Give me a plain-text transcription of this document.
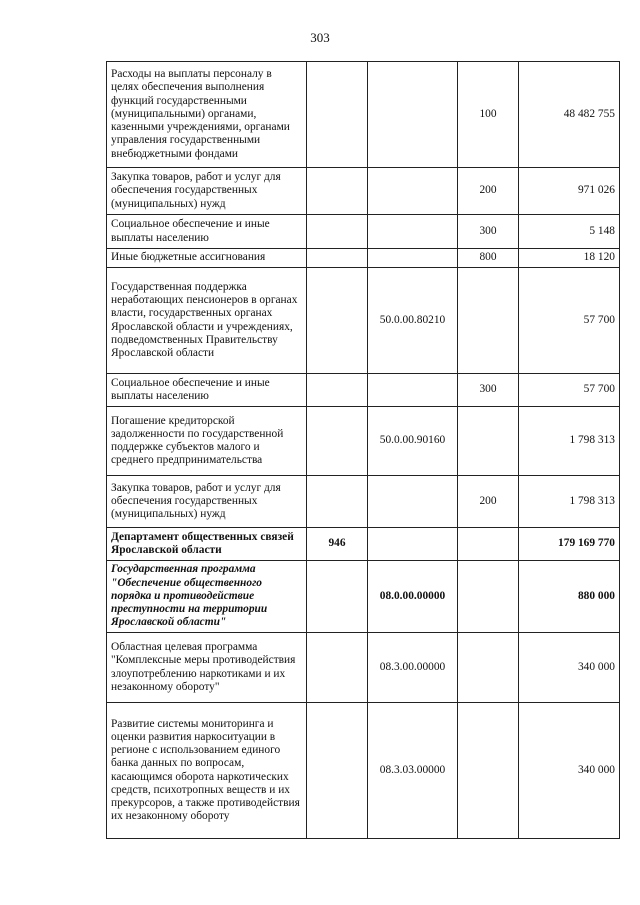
303
Расходы на выплаты персоналу в целях обеспечения выполнения функций государственными (муниципальными) органами, казенными учреждениями, органами управления государственными внебюджетными фондами			100	48 482 755
Закупка товаров, работ и услуг для обеспечения государственных (муниципальных) нужд			200	971 026
Социальное обеспечение и иные выплаты населению			300	5 148
Иные бюджетные ассигнования			800	18 120
Государственная поддержка неработающих пенсионеров в органах власти, государственных органах Ярославской области и учреждениях, подведомственных Правительству Ярославской области		50.0.00.80210		57 700
Социальное обеспечение и иные выплаты населению			300	57 700
Погашение кредиторской задолженности по государственной поддержке субъектов малого и среднего предпринимательства		50.0.00.90160		1 798 313
Закупка товаров, работ и услуг для обеспечения государственных (муниципальных) нужд			200	1 798 313
Департамент общественных связей Ярославской области	946			179 169 770
Государственная программа "Обеспечение общественного порядка и противодействие преступности на территории Ярославской области"		08.0.00.00000		880 000
Областная целевая программа "Комплексные меры противодействия злоупотреблению наркотиками и их незаконному обороту"		08.3.00.00000		340 000
Развитие системы мониторинга и оценки развития наркоситуации в регионе с использованием единого банка данных по вопросам, касающимся оборота наркотических средств, психотропных веществ и их прекурсоров, а также противодействия их незаконному обороту		08.3.03.00000		340 000
